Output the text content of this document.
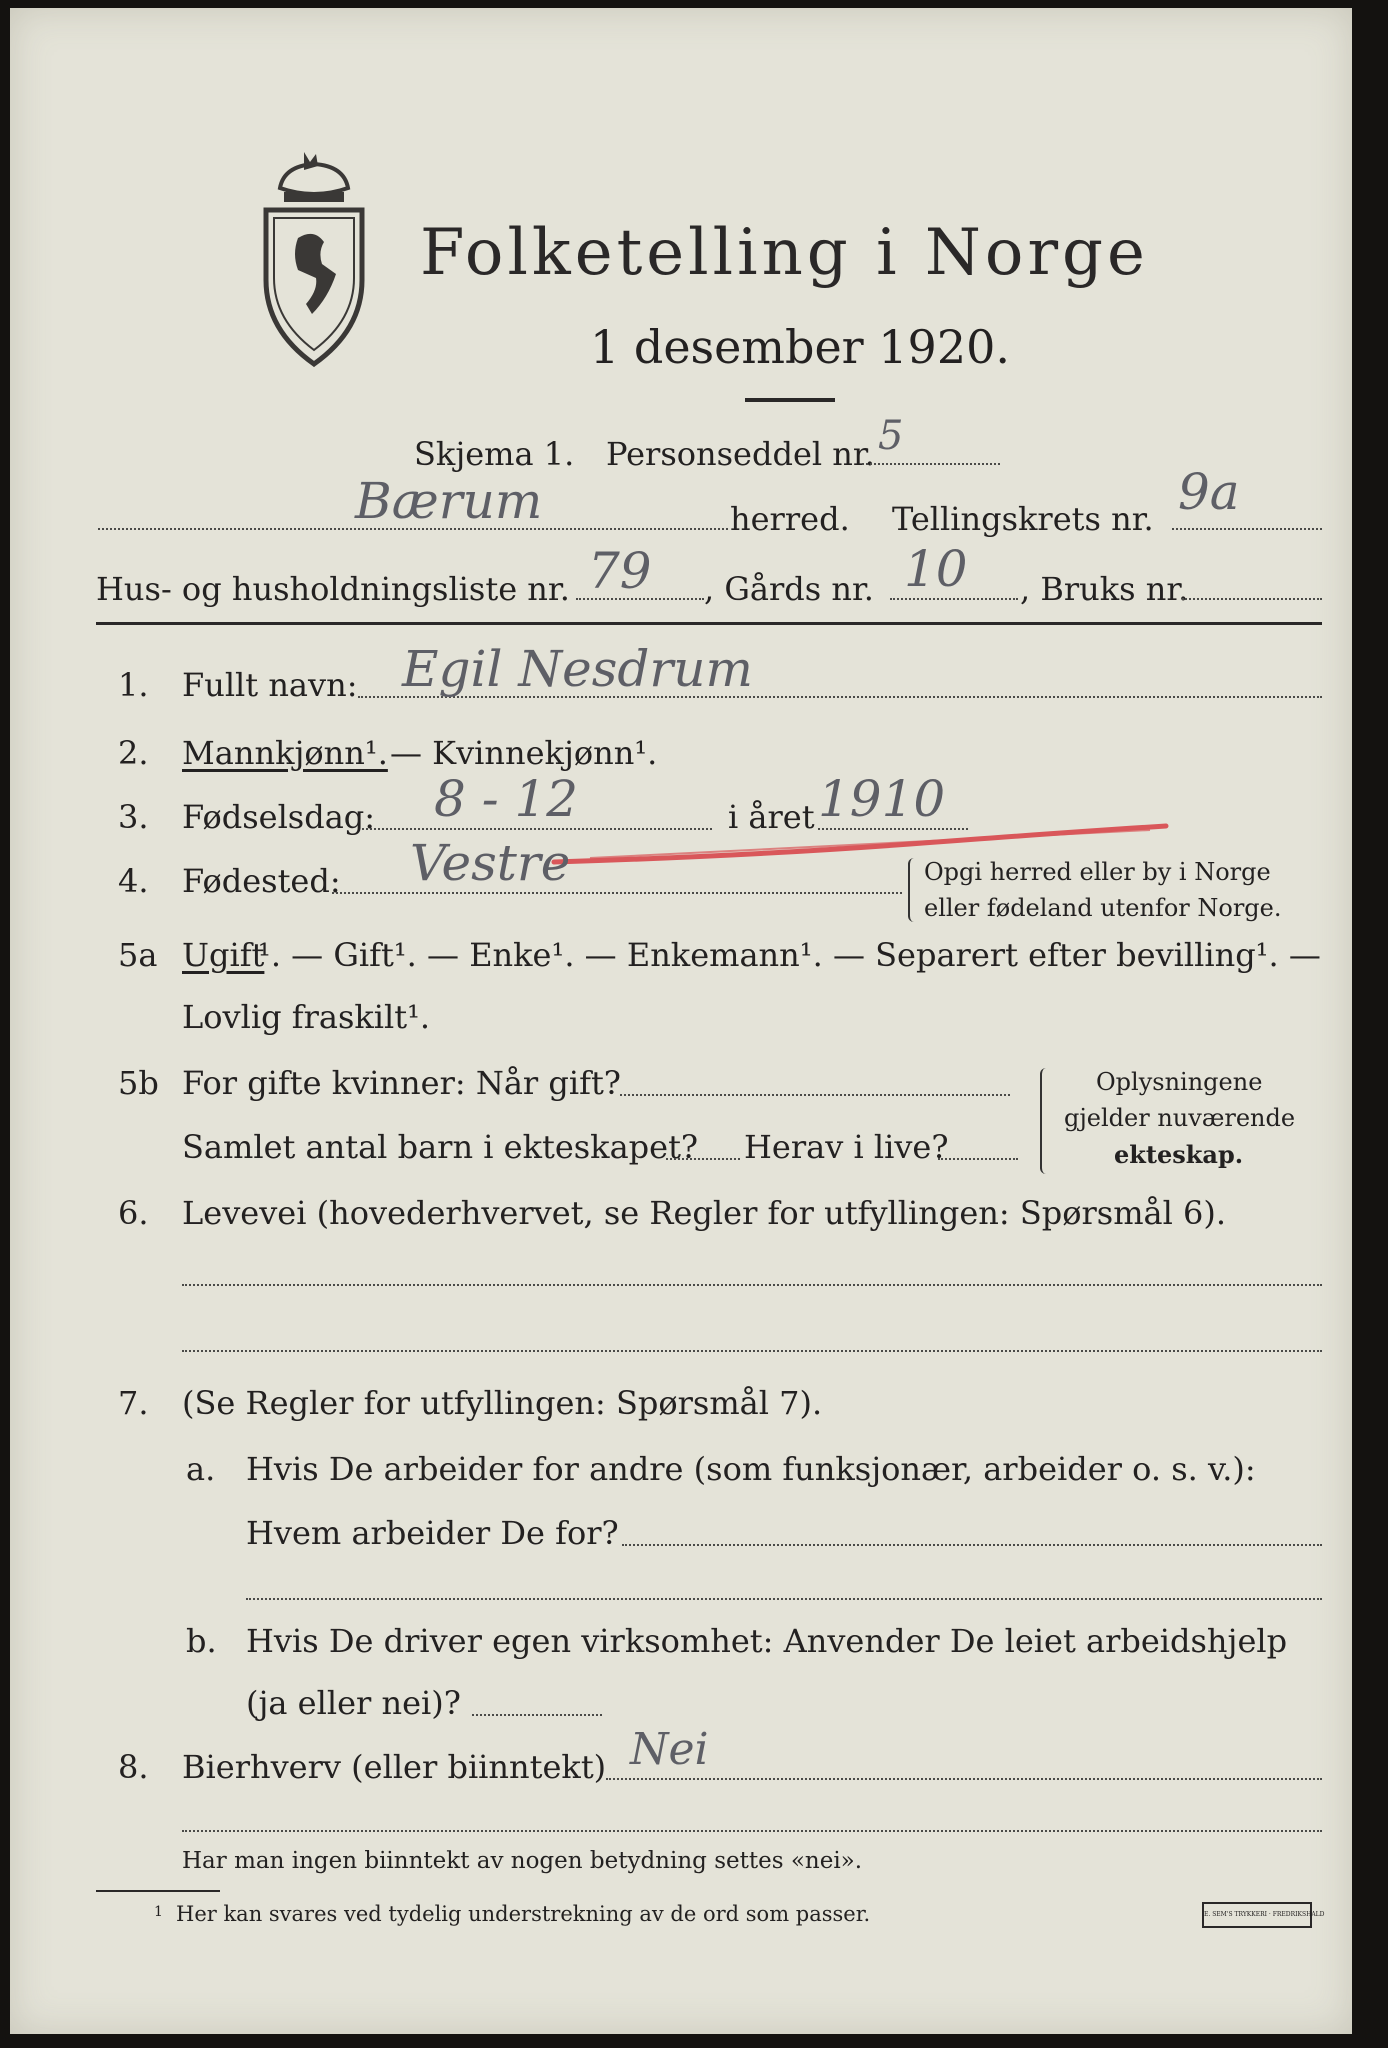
Folketelling i Norge
1 desember 1920.
Skjema 1. Personseddel nr. 5
Bærum	herred. Tellingskrets nr. 9a
Hus- og husholdningsliste nr. 79 , Gårds nr. 10 , Bruks nr.
1. Fullt navn: Egil Nesdrum
2. Mannkjønn¹. — Kvinnekjønn¹.
3. Fødselsdag: 8 - 12	i året 1910
4. Fødested: Vestre	Opgi herred eller by i Norge
eller fødeland utenfor Norge.
5a Ugift
¹. — Gift¹. — Enke¹. — Enkemann¹. — Separert efter bevilling¹. —
Lovlig fraskilt¹.
5b For gifte kvinner: Når gift?
Samlet antal barn i ekteskapet? Herav i live?
Oplysningene
gjelder nuværende
ekteskap.
6. Levevei (hovederhvervet, se Regler for utfyllingen: Spørsmål 6).
7. (Se Regler for utfyllingen: Spørsmål 7).
a. Hvis De arbeider for andre (som funksjonær, arbeider o. s. v.):
Hvem arbeider De for?
b. Hvis De driver egen virksomhet: Anvender De leiet arbeidshjelp
(ja eller nei)?
8. Bierhverv (eller biinntekt) Nei
Har man ingen biinntekt av nogen betydning settes «nei».
1 Her kan svares ved tydelig understrekning av de ord som passer.	E. SEM'S TRYKKERI · FREDRIKSHALD
